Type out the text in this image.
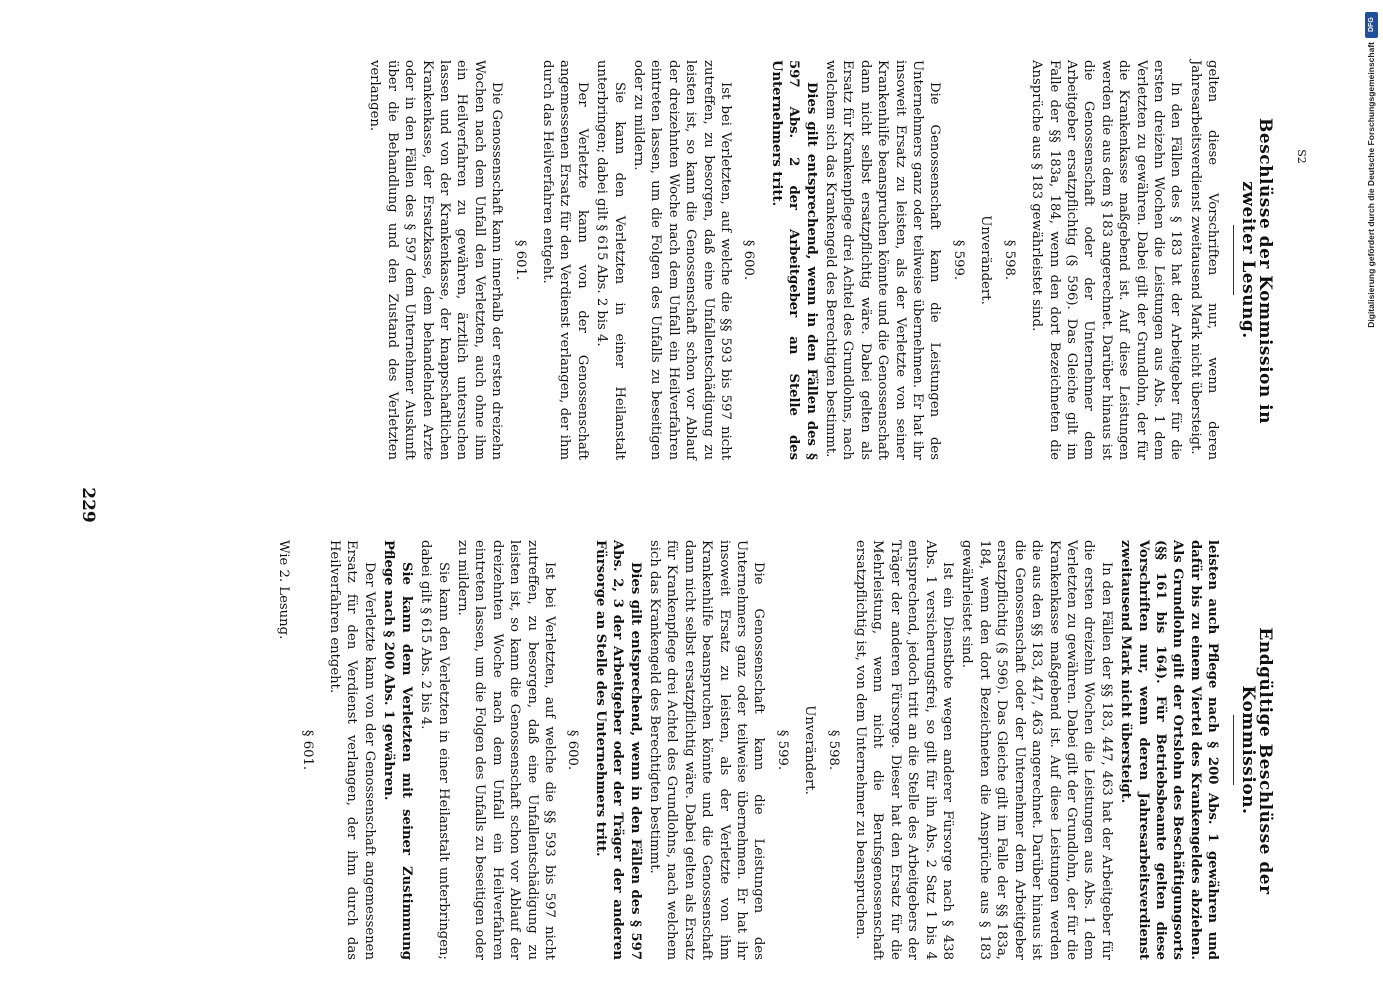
229

Beschlüsse der Kommission in zweiter Lesung.

gelten diese Vorschriften nur, wenn deren Jahresarbeitsverdienst zweitausend Mark nicht übersteigt.

In den Fällen des § 183 hat der Arbeitgeber für die ersten dreizehn Wochen die Leistungen aus Abs. 1 dem Verletzten zu gewähren. Dabei gilt der Grundlohn, der für die Krankenkasse maßgebend ist. Auf diese Leistungen werden die aus dem § 183 angerechnet. Darüber hinaus ist die Genossenschaft oder der Unternehmer dem Arbeitgeber ersatzpflichtig (§ 596). Das Gleiche gilt im Falle der §§ 183a, 184, wenn den dort Bezeichneten die Ansprüche aus § 183 gewährleistet sind.

§ 598.

Unverändert.

§ 599.

Die Genossenschaft kann die Leistungen des Unternehmers ganz oder teilweise übernehmen. Er hat ihr insoweit Ersatz zu leisten, als der Verletzte von seiner Krankenhilfe beanspruchen könnte und die Genossenschaft dann nicht selbst ersatzpflichtig wäre. Dabei gelten als Ersatz für Krankenpflege drei Achtel des Grundlohns, nach welchem sich das Krankengeld des Berechtigten bestimmt.

Dies gilt entsprechend, wenn in den Fällen des § 597 Abs. 2 der Arbeitgeber an Stelle des Unternehmers tritt.

§ 600.

Ist bei Verletzten, auf welche die §§ 593 bis 597 nicht zutreffen, zu besorgen, daß eine Unfallentschädigung zu leisten ist, so kann die Genossenschaft schon vor Ablauf der dreizehnten Woche nach dem Unfall ein Heilverfahren eintreten lassen, um die Folgen des Unfalls zu beseitigen oder zu mildern.

Sie kann den Verletzten in einer Heilanstalt unterbringen; dabei gilt § 615 Abs. 2 bis 4.

Der Verletzte kann von der Genossenschaft angemessenen Ersatz für den Verdienst verlangen, der ihm durch das Heilverfahren entgeht.

§ 601.

Die Genossenschaft kann innerhalb der ersten dreizehn Wochen nach dem Unfall den Verletzten, auch ohne ihm ein Heilverfahren zu gewähren, ärztlich untersuchen lassen und von der Krankenkasse, der knappschaftlichen Krankenkasse, der Ersatzkasse, dem behandelnden Arzte oder in den Fällen des § 597 dem Unternehmer Auskunft über die Behandlung und den Zustand des Verletzten verlangen.

Endgültige Beschlüsse der Kommission.

leisten auch Pflege nach § 200 Abs. 1 gewähren und dafür bis zu einem Viertel des Krankengeldes abziehen. Als Grundlohn gilt der Ortslohn des Beschäftigungsorts (§§ 161 bis 164). Für Betriebsbeamte gelten diese Vorschriften nur, wenn deren Jahresarbeitsverdienst zweitausend Mark nicht übersteigt.

In den Fällen der §§ 183, 447, 463 hat der Arbeitgeber für die ersten dreizehn Wochen die Leistungen aus Abs. 1 dem Verletzten zu gewähren. Dabei gilt der Grundlohn, der für die Krankenkasse maßgebend ist. Auf diese Leistungen werden die aus den §§ 183, 447, 463 angerechnet. Darüber hinaus ist die Genossenschaft oder der Unternehmer dem Arbeitgeber ersatzpflichtig (§ 596). Das Gleiche gilt im Falle der §§ 183a, 184, wenn den dort Bezeichneten die Ansprüche aus § 183 gewährleistet sind.

Ist ein Dienstbote wegen anderer Fürsorge nach § 438 Abs. 1 versicherungsfrei, so gilt für ihn Abs. 2 Satz 1 bis 4 entsprechend, jedoch tritt an die Stelle des Arbeitgebers der Träger der anderen Fürsorge. Dieser hat den Ersatz für die Mehrleistung, wenn nicht die Berufsgenossenschaft ersatzpflichtig ist, von dem Unternehmer zu beanspruchen.

§ 598.

Unverändert.

§ 599.

Die Genossenschaft kann die Leistungen des Unternehmers ganz oder teilweise übernehmen. Er hat ihr insoweit Ersatz zu leisten, als der Verletzte von ihm Krankenhilfe beanspruchen könnte und die Genossenschaft dann nicht selbst ersatzpflichtig wäre. Dabei gelten als Ersatz für Krankenpflege drei Achtel des Grundlohns, nach welchem sich das Krankengeld des Berechtigten bestimmt.

Dies gilt entsprechend, wenn in den Fällen des § 597 Abs. 2, 3 der Arbeitgeber oder der Träger der anderen Fürsorge an Stelle des Unternehmers tritt.

§ 600.

Ist bei Verletzten, auf welche die §§ 593 bis 597 nicht zutreffen, zu besorgen, daß eine Unfallentschädigung zu leisten ist, so kann die Genossenschaft schon vor Ablauf der dreizehnten Woche nach dem Unfall ein Heilverfahren eintreten lassen, um die Folgen des Unfalls zu beseitigen oder zu mildern.

Sie kann den Verletzten in einer Heilanstalt unterbringen; dabei gilt § 615 Abs. 2 bis 4.

Sie kann dem Verletzten mit seiner Zustimmung Pflege nach § 200 Abs. 1 gewähren.

Der Verletzte kann von der Genossenschaft angemessenen Ersatz für den Verdienst verlangen, der ihm durch das Heilverfahren entgeht.

§ 601.

Wie 2. Lesung.

DFG
Digitalisierung gefördert durch die Deutsche Forschungsgemeinschaft
S2
